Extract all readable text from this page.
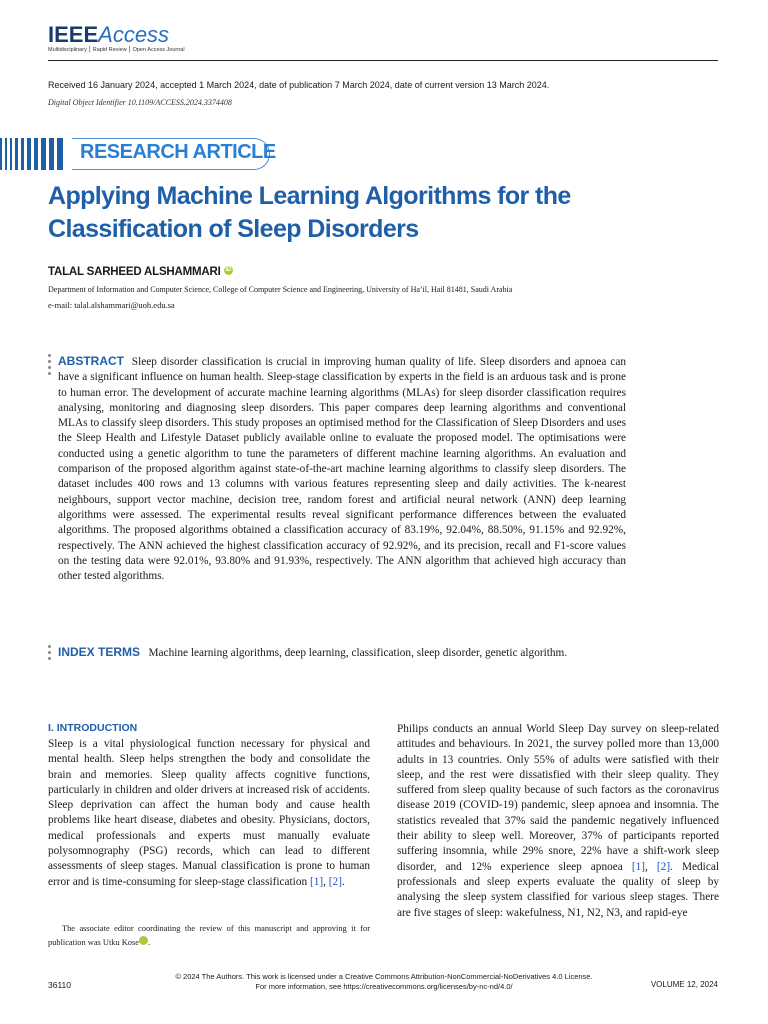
IEEEAccess
Multidisciplinary ⎮ Rapid Review ⎮ Open Access Journal
Received 16 January 2024, accepted 1 March 2024, date of publication 7 March 2024, date of current version 13 March 2024.
Digital Object Identifier 10.1109/ACCESS.2024.3374408
RESEARCH ARTICLE
Applying Machine Learning Algorithms for the Classification of Sleep Disorders
TALAL SARHEED ALSHAMMARI iD
Department of Information and Computer Science, College of Computer Science and Engineering, University of Ha’il, Hail 81481, Saudi Arabia
e-mail: talal.alshammari@uoh.edu.sa
ABSTRACT Sleep disorder classification is crucial in improving human quality of life. Sleep disorders and apnoea can have a significant influence on human health. Sleep-stage classification by experts in the field is an arduous task and is prone to human error. The development of accurate machine learning algorithms (MLAs) for sleep disorder classification requires analysing, monitoring and diagnosing sleep disorders. This paper compares deep learning algorithms and conventional MLAs to classify sleep disorders. This study proposes an optimised method for the Classification of Sleep Disorders and uses the Sleep Health and Lifestyle Dataset publicly available online to evaluate the proposed model. The optimisations were conducted using a genetic algorithm to tune the parameters of different machine learning algorithms. An evaluation and comparison of the proposed algorithm against state-of-the-art machine learning algorithms to classify sleep disorders. The dataset includes 400 rows and 13 columns with various features representing sleep and daily activities. The k-nearest neighbours, support vector machine, decision tree, random forest and artificial neural network (ANN) deep learning algorithms were assessed. The experimental results reveal significant performance differences between the evaluated algorithms. The proposed algorithms obtained a classification accuracy of 83.19%, 92.04%, 88.50%, 91.15% and 92.92%, respectively. The ANN achieved the highest classification accuracy of 92.92%, and its precision, recall and F1-score values on the testing data were 92.01%, 93.80% and 91.93%, respectively. The ANN algorithm that achieved high accuracy than other tested algorithms.
INDEX TERMS Machine learning algorithms, deep learning, classification, sleep disorder, genetic algorithm.
I. INTRODUCTION
Sleep is a vital physiological function necessary for physical and mental health. Sleep helps strengthen the body and consolidate the brain and memories. Sleep quality affects cognitive functions, particularly in children and older drivers at increased risk of accidents. Sleep deprivation can affect the human body and cause health problems like heart disease, diabetes and obesity. Physicians, doctors, medical professionals and experts must manually evaluate polysomnography (PSG) records, which can lead to different assessments of sleep stages. Manual classification is prone to human error and is time-consuming for sleep-stage classification [1], [2].
Philips conducts an annual World Sleep Day survey on sleep-related attitudes and behaviours. In 2021, the survey polled more than 13,000 adults in 13 countries. Only 55% of adults were satisfied with their sleep, and the rest were dissatisfied with their sleep quality. They suffered from sleep quality because of such factors as the coronavirus disease 2019 (COVID-19) pandemic, sleep apnoea and insomnia. The statistics revealed that 37% said the pandemic negatively influenced their ability to sleep well. Moreover, 37% of participants reported suffering insomnia, while 29% snore, 22% have a shift-work sleep disorder, and 12% experience sleep apnoea [1], [2]. Medical professionals and sleep experts evaluate the quality of sleep by analysing the sleep system classified for various sleep stages. There are five stages of sleep: wakefulness, N1, N2, N3, and rapid-eye
The associate editor coordinating the review of this manuscript and approving it for publication was Utku Kose iD.
© 2024 The Authors. This work is licensed under a Creative Commons Attribution-NonCommercial-NoDerivatives 4.0 License.
For more information, see https://creativecommons.org/licenses/by-nc-nd/4.0/
36110	VOLUME 12, 2024
